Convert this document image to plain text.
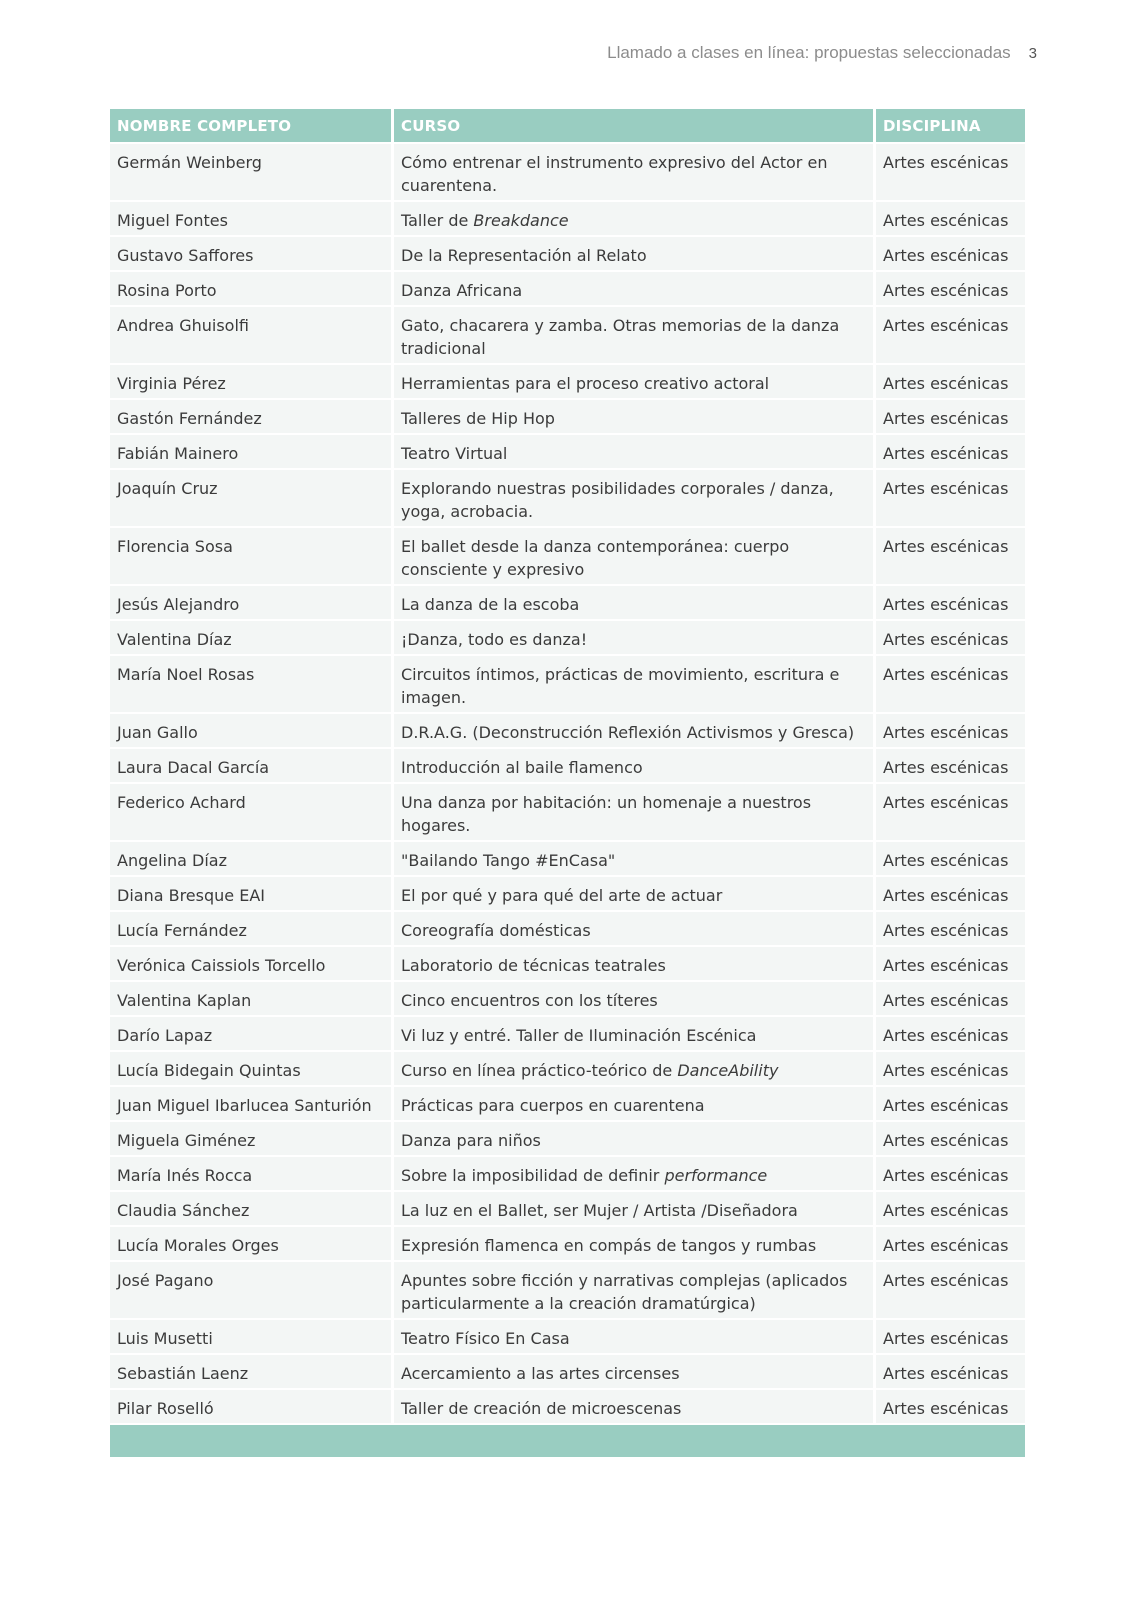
Llamado a clases en línea: propuestas seleccionadas 3
NOMBRE COMPLETO	CURSO	DISCIPLINA
Germán Weinberg	Cómo entrenar el instrumento expresivo del Actor en cuarentena.	Artes escénicas
Miguel Fontes	Taller de Breakdance	Artes escénicas
Gustavo Saffores	De la Representación al Relato	Artes escénicas
Rosina Porto	Danza Africana	Artes escénicas
Andrea Ghuisolfi	Gato, chacarera y zamba. Otras memorias de la danza tradicional	Artes escénicas
Virginia Pérez	Herramientas para el proceso creativo actoral	Artes escénicas
Gastón Fernández	Talleres de Hip Hop	Artes escénicas
Fabián Mainero	Teatro Virtual	Artes escénicas
Joaquín Cruz	Explorando nuestras posibilidades corporales / danza, yoga, acrobacia.	Artes escénicas
Florencia Sosa	El ballet desde la danza contemporánea: cuerpo consciente y expresivo	Artes escénicas
Jesús Alejandro	La danza de la escoba	Artes escénicas
Valentina Díaz	¡Danza, todo es danza!	Artes escénicas
María Noel Rosas	Circuitos íntimos, prácticas de movimiento, escritura e imagen.	Artes escénicas
Juan Gallo	D.R.A.G. (Deconstrucción Reflexión Activismos y Gresca)	Artes escénicas
Laura Dacal García	Introducción al baile flamenco	Artes escénicas
Federico Achard	Una danza por habitación: un homenaje a nuestros hogares.	Artes escénicas
Angelina Díaz	"Bailando Tango #EnCasa"	Artes escénicas
Diana Bresque EAI	El por qué y para qué del arte de actuar	Artes escénicas
Lucía Fernández	Coreografía domésticas	Artes escénicas
Verónica Caissiols Torcello	Laboratorio de técnicas teatrales	Artes escénicas
Valentina Kaplan	Cinco encuentros con los títeres	Artes escénicas
Darío Lapaz	Vi luz y entré. Taller de Iluminación Escénica	Artes escénicas
Lucía Bidegain Quintas	Curso en línea práctico-teórico de DanceAbility	Artes escénicas
Juan Miguel Ibarlucea Santurión	Prácticas para cuerpos en cuarentena	Artes escénicas
Miguela Giménez	Danza para niños	Artes escénicas
María Inés Rocca	Sobre la imposibilidad de definir performance	Artes escénicas
Claudia Sánchez	La luz en el Ballet, ser Mujer / Artista /Diseñadora	Artes escénicas
Lucía Morales Orges	Expresión flamenca en compás de tangos y rumbas	Artes escénicas
José Pagano	Apuntes sobre ficción y narrativas complejas (aplicados particularmente a la creación dramatúrgica)	Artes escénicas
Luis Musetti	Teatro Físico En Casa	Artes escénicas
Sebastián Laenz	Acercamiento a las artes circenses	Artes escénicas
Pilar Roselló	Taller de creación de microescenas	Artes escénicas
